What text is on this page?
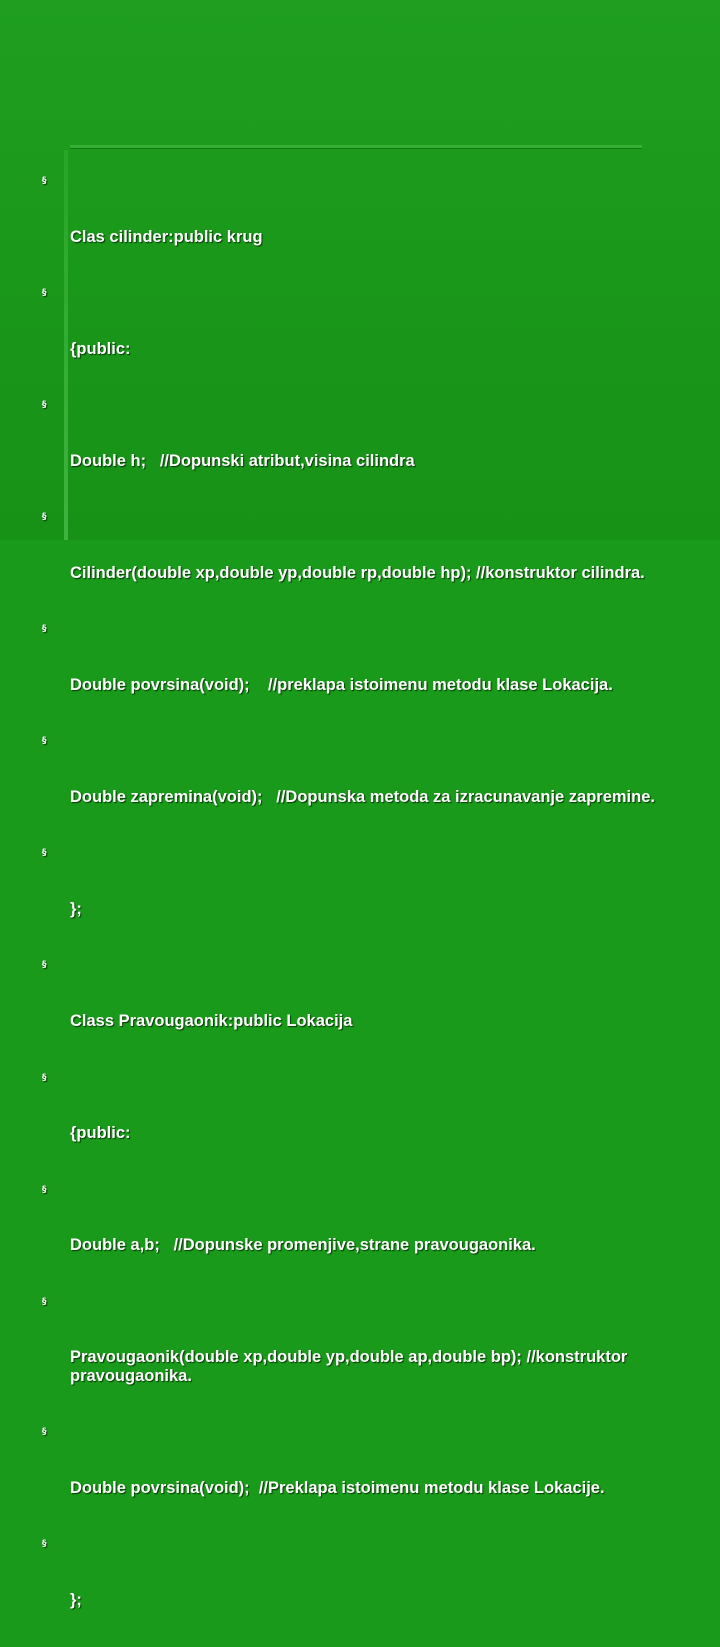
§

Clas cilinder:public krug

§

{public:

§

Double h;   //Dopunski atribut,visina cilindra

§

Cilinder(double xp,double yp,double rp,double hp); //konstruktor cilindra.

§

Double povrsina(void);    //preklapa istoimenu metodu klase Lokacija.

§

Double zapremina(void);   //Dopunska metoda za izracunavanje zapremine.

§

};

§

Class Pravougaonik:public Lokacija

§

{public:

§

Double a,b;   //Dopunske promenjive,strane pravougaonika.

§

Pravougaonik(double xp,double yp,double ap,double bp); //konstruktor pravougaonika.

§

Double povrsina(void);  //Preklapa istoimenu metodu klase Lokacije.

§

};
